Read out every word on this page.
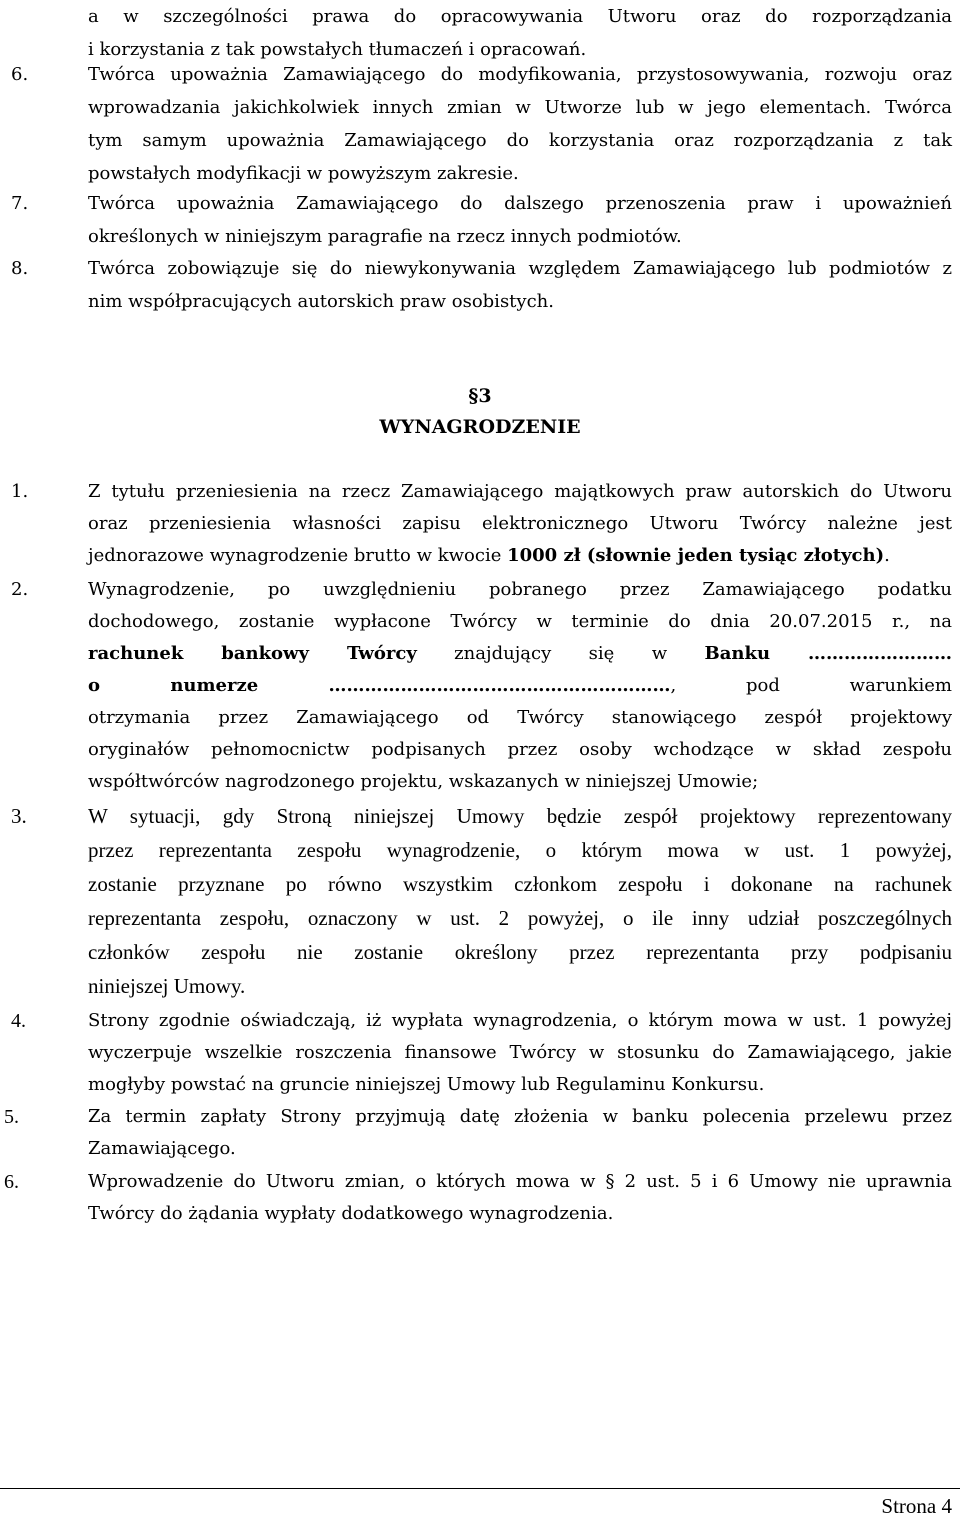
a w szczególności prawa do opracowywania Utworu oraz do rozporządzania
i korzystania z tak powstałych tłumaczeń i opracowań.
6.	Twórca upoważnia Zamawiającego do modyfikowania, przystosowywania, rozwoju oraz
wprowadzania jakichkolwiek innych zmian w Utworze lub w jego elementach. Twórca
tym samym upoważnia Zamawiającego do korzystania oraz rozporządzania z tak
powstałych modyfikacji w powyższym zakresie.
7.	Twórca upoważnia Zamawiającego do dalszego przenoszenia praw i upoważnień
określonych w niniejszym paragrafie na rzecz innych podmiotów.
8.	Twórca zobowiązuje się do niewykonywania względem Zamawiającego lub podmiotów z
nim współpracujących autorskich praw osobistych.
§3
WYNAGRODZENIE
1.	Z tytułu przeniesienia na rzecz Zamawiającego majątkowych praw autorskich do Utworu
oraz przeniesienia własności zapisu elektronicznego Utworu Twórcy należne jest
jednorazowe wynagrodzenie brutto w kwocie 1000 zł (słownie jeden tysiąc złotych).
2.	Wynagrodzenie, po uwzględnieniu pobranego przez Zamawiającego podatku
dochodowego, zostanie wypłacone Twórcy w terminie do dnia 20.07.2015 r., na
rachunek bankowy Twórcy znajdujący się w Banku ……………………
o numerze …………………………………………………, pod warunkiem
otrzymania przez Zamawiającego od Twórcy stanowiącego zespół projektowy
oryginałów pełnomocnictw podpisanych przez osoby wchodzące w skład zespołu
współtwórców nagrodzonego projektu, wskazanych w niniejszej Umowie;
3.	W sytuacji, gdy Stroną niniejszej Umowy będzie zespół projektowy reprezentowany
przez reprezentanta zespołu wynagrodzenie, o którym mowa w ust. 1 powyżej,
zostanie przyznane po równo wszystkim członkom zespołu i dokonane na rachunek
reprezentanta zespołu, oznaczony w ust. 2 powyżej, o ile inny udział poszczególnych
członków zespołu nie zostanie określony przez reprezentanta przy podpisaniu
niniejszej Umowy.
4.	Strony zgodnie oświadczają, iż wypłata wynagrodzenia, o którym mowa w ust. 1 powyżej
wyczerpuje wszelkie roszczenia finansowe Twórcy w stosunku do Zamawiającego, jakie
mogłyby powstać na gruncie niniejszej Umowy lub Regulaminu Konkursu.
5.	Za termin zapłaty Strony przyjmują datę złożenia w banku polecenia przelewu przez
Zamawiającego.
6.	Wprowadzenie do Utworu zmian, o których mowa w § 2 ust. 5 i 6 Umowy nie uprawnia
Twórcy do żądania wypłaty dodatkowego wynagrodzenia.
Strona 4
